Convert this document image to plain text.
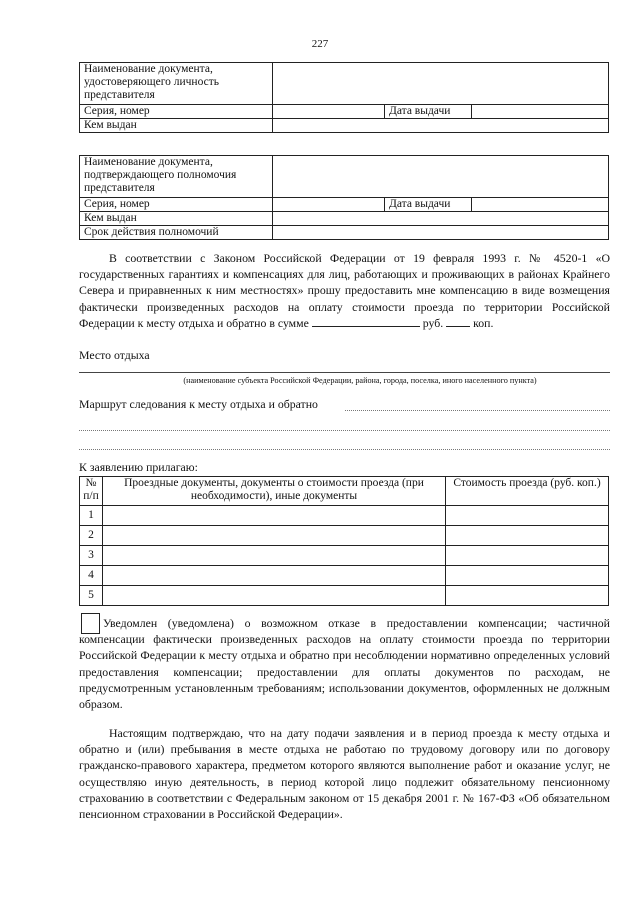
227
Наименование документа, удостоверяющего личность представителя			
Серия, номер		Дата выдачи	
Кем выдан			
Наименование документа, подтверждающего полномочия представителя			
Серия, номер		Дата выдачи	
Кем выдан			
Срок действия полномочий			

В соответствии с Законом Российской Федерации от 19 февраля 1993 г. № 4520-1 «О государственных гарантиях и компенсациях для лиц, работающих и проживающих в районах Крайнего Севера и приравненных к ним местностях» прошу предоставить мне компенсацию в виде возмещения фактически произведенных расходов на оплату стоимости проезда по территории Российской Федерации к месту отдыха и обратно в сумме	руб.	коп.

Место отдыха
(наименование субъекта Российской Федерации, района, города, поселка, иного населенного пункта)
Маршрут следования к месту отдыха и обратно
К заявлению прилагаю:
№ п/п	Проездные документы, документы о стоимости проезда (при необходимости), иные документы	Стоимость проезда (руб. коп.)
1		
2		
3		
4		
5		

Уведомлен (уведомлена) о возможном отказе в предоставлении компенсации; частичной компенсации фактически произведенных расходов на оплату стоимости проезда по территории Российской Федерации к месту отдыха и обратно при несоблюдении нормативно определенных условий предоставления компенсации; предоставлении для оплаты документов по расходам, не предусмотренным установленным требованиям; использовании документов, оформленных не должным образом.

Настоящим подтверждаю, что на дату подачи заявления и в период проезда к месту отдыха и обратно и (или) пребывания в месте отдыха не работаю по трудовому договору или по договору гражданско-правового характера, предметом которого являются выполнение работ и оказание услуг, не осуществляю иную деятельность, в период которой лицо подлежит обязательному пенсионному страхованию в соответствии с Федеральным законом от 15 декабря 2001 г. № 167-ФЗ «Об обязательном пенсионном страховании в Российской Федерации».
